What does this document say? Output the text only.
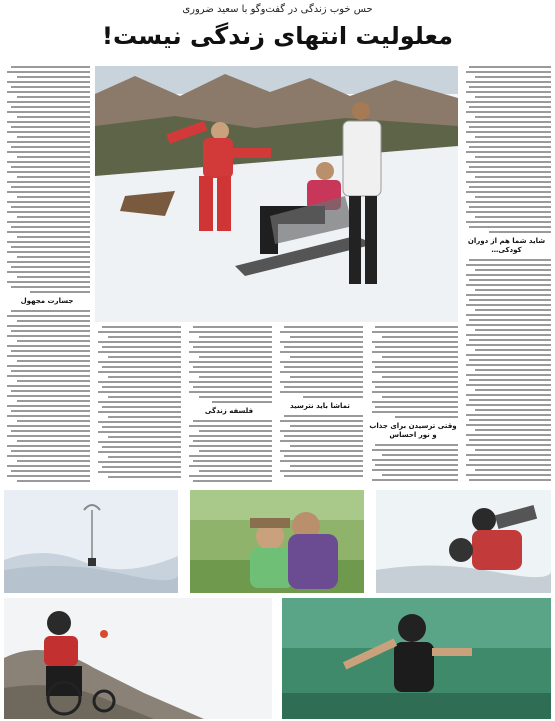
حس خوب زندگی در گفت‌وگو با سعید ضروری
معلولیت انتهای زندگی نیست!
جسارت مجهول
شاید شما هم از دوران کودکی…
فلسفه زندگی
تماشا باید نترسید
وقتی ترسیدن برای جذاب و نور احساس
